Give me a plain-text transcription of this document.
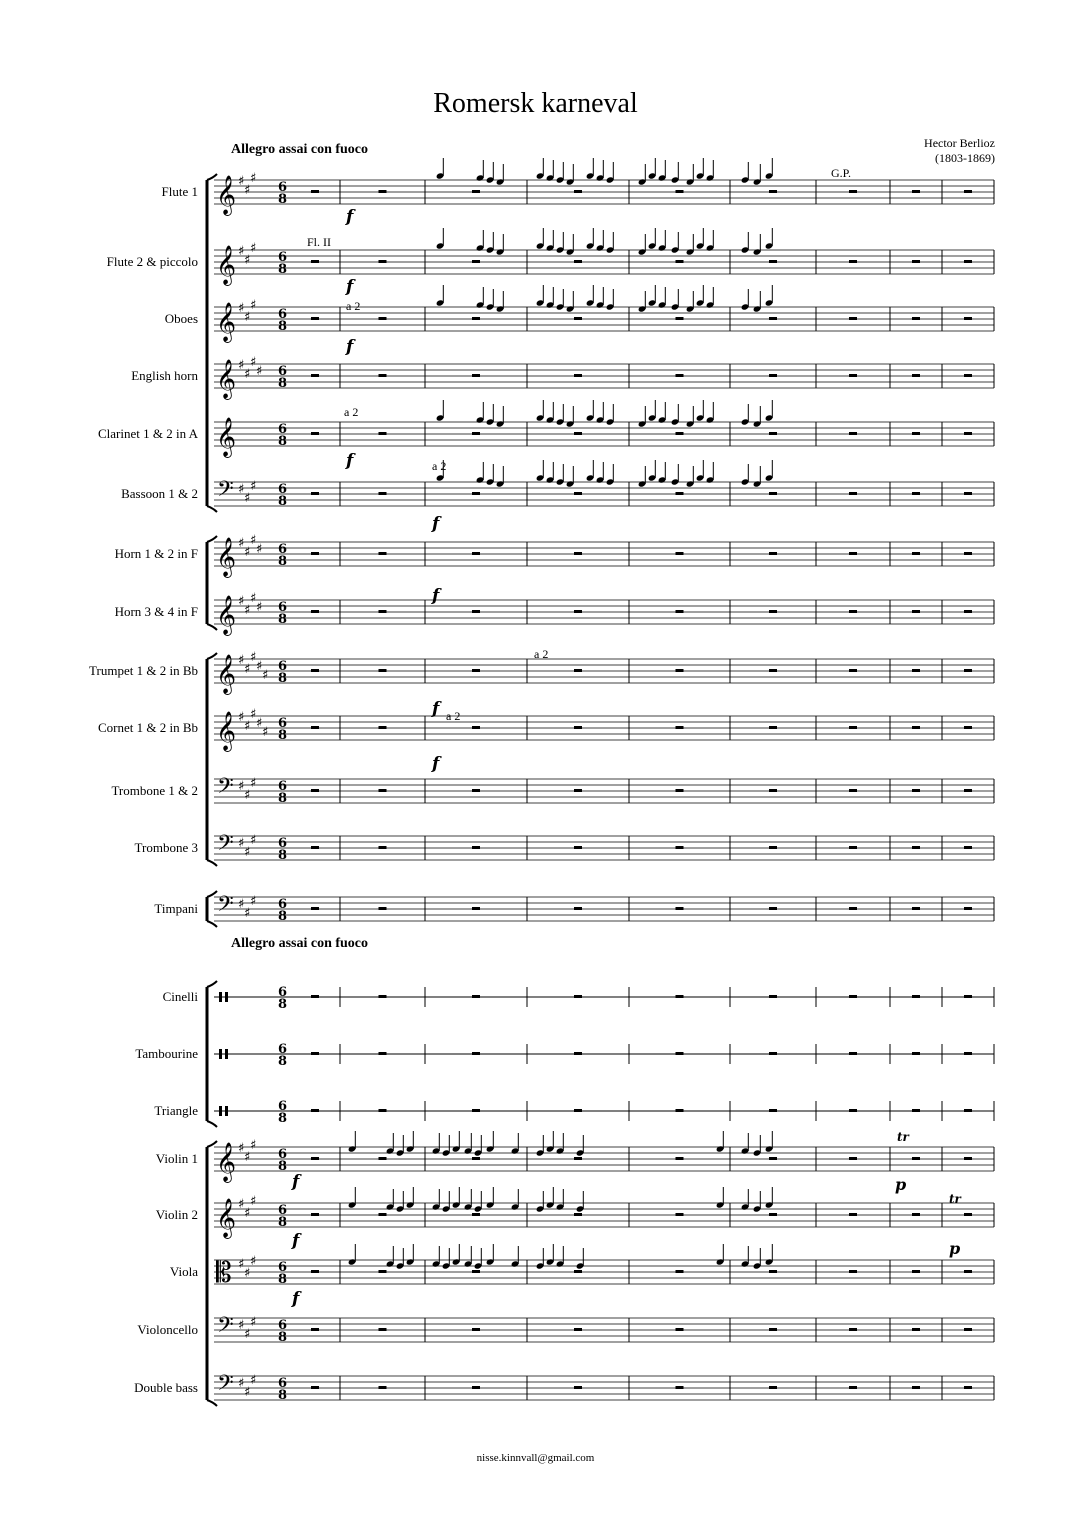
Romersk karneval
Hector Berlioz
(1803-1869)
Allegro assai con fuoco
Allegro assai con fuoco
nisse.kinnvall@gmail.com
Flute 1
Flute 2 & piccolo
Oboes
English horn
Clarinet 1 & 2 in A
Bassoon 1 & 2
Horn 1 & 2 in F
Horn 3 & 4 in F
Trumpet 1 & 2 in Bb
Cornet 1 & 2 in Bb
Trombone 1 & 2
Trombone 3
Timpani
Cinelli
Tambourine
Triangle
Violin 1
Violin 2
Viola
Violoncello
Double bass
𝄞 ♯
♯
♯
6
8
𝄞 ♯
♯
♯
6
8
𝄞 ♯
♯
♯
6
8
𝄞 ♯
♯
♯
♯ 6
8
𝄞	6
8
𝄢 ♯
♯
♯ 6
8
𝄞 ♯
♯
♯
♯ 6
8
𝄞 ♯
♯
♯
♯ 6
8
𝄞 ♯
♯
♯
♯
♯
6
8
𝄞 ♯
♯
♯
♯
♯
6
8
𝄢 ♯
♯
♯ 6
8
𝄢 ♯
♯
♯ 6
8
𝄢 ♯
♯
♯ 6
8
6
8
6
8
6
8
𝄞 ♯
♯
♯
6
8
𝄞 ♯
♯
♯
6
8
𝄡 ♯
♯
♯ 6
8
𝄢 ♯
♯
♯ 6
8
𝄢 ♯
♯
♯ 6
8
G.P.
Fl. II
a 2
a 2
a 2
a 2
a 2
tr
tr
f
f
f
f
f
f
f
f
f
f
f
p
p
